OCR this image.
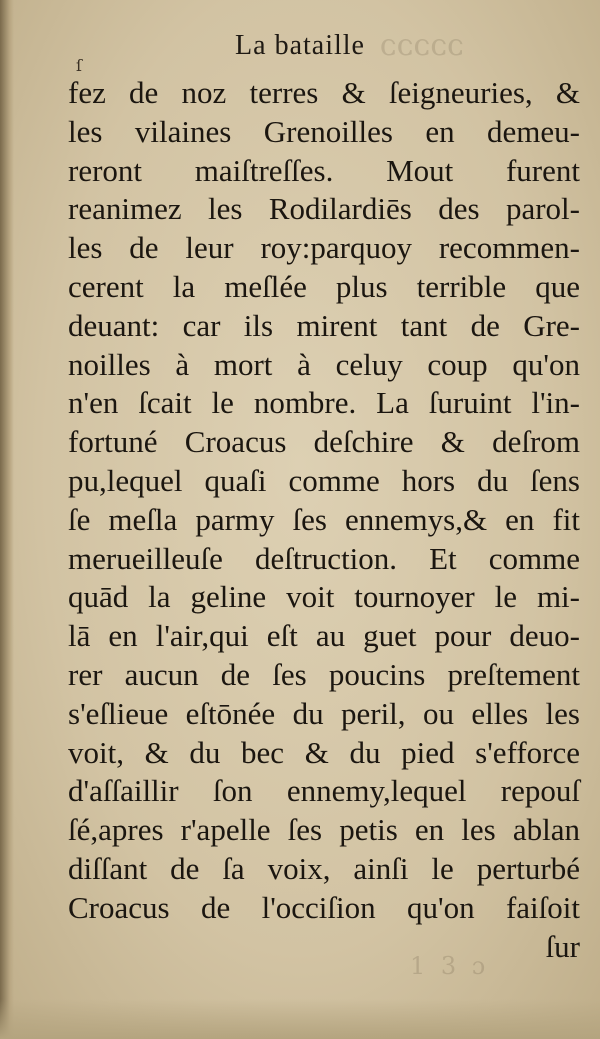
ɔɔɔɔɔ
ſ
La bataille
fez de noz terres & ſeigneuries, &
les vilaines Grenoilles en demeu-
reront maiſtreſſes. Mout furent
reanimez les Rodilardiēs des parol-
les de leur roy:parquoy recommen-
cerent la meſlée plus terrible que
deuant: car ils mirent tant de Gre-
noilles à mort à celuy coup qu'on
n'en ſcait le nombre. La ſuruint l'in-
fortuné Croacus deſchire & deſrom
pu,lequel quaſi comme hors du ſens
ſe meſla parmy ſes ennemys,& en fit
merueilleuſe deſtruction. Et comme
quād la geline voit tournoyer le mi-
lā en l'air,qui eſt au guet pour deuo-
rer aucun de ſes poucins preſtement
s'eſlieue eſtōnée du peril, ou elles les
voit, & du bec & du pied s'efforce
d'aſſaillir ſon ennemy,lequel repouſ
ſé,apres r'apelle ſes petis en les ablan
diſſant de ſa voix, ainſi le perturbé
Croacus de l'occiſion qu'on faiſoit
ſur
1 3 ɔ
